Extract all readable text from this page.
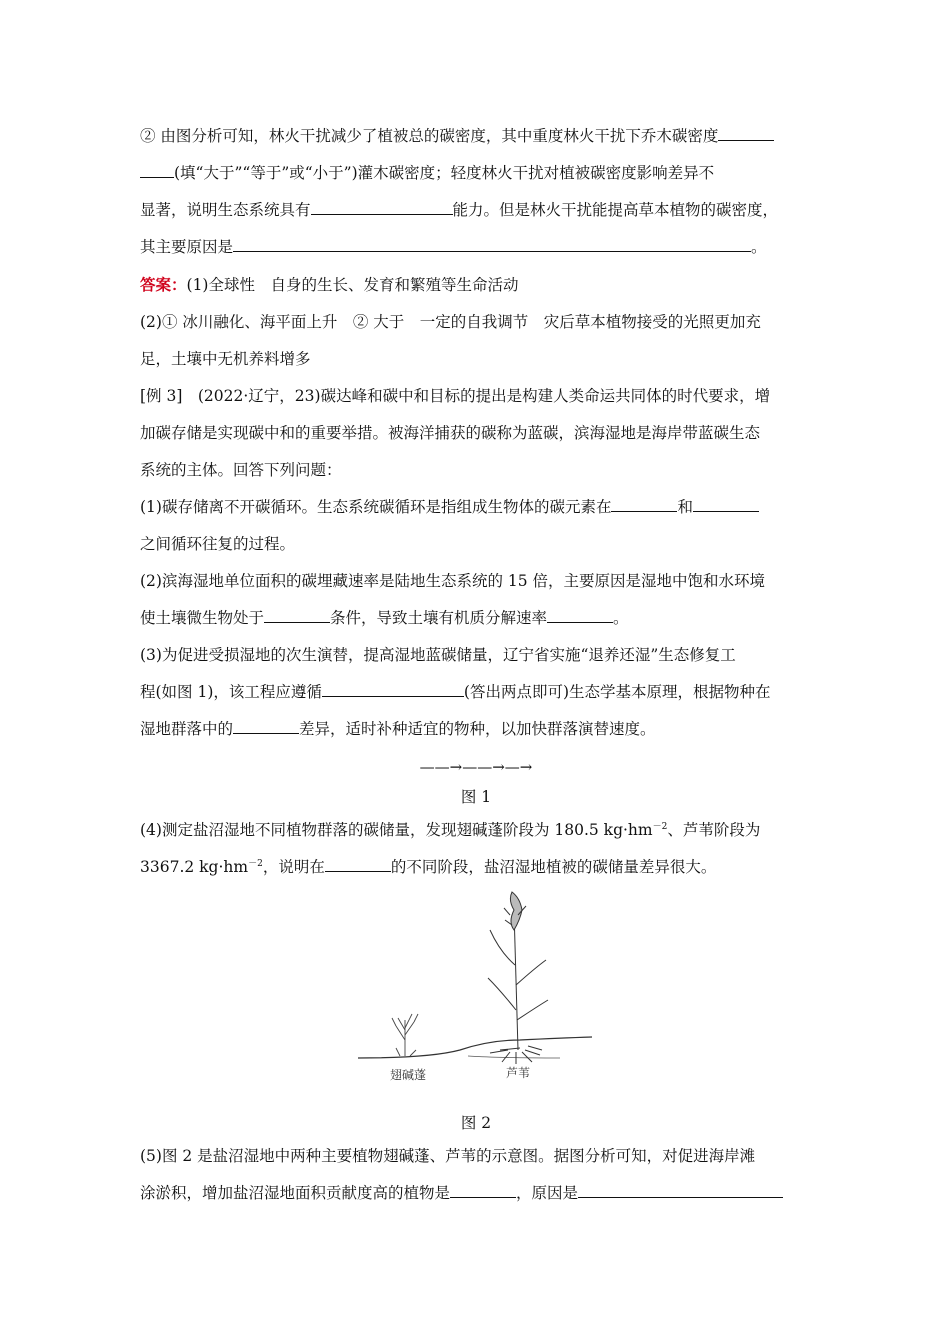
② 由图分析可知，林火干扰减少了植被总的碳密度，其中重度林火干扰下乔木碳密度

(填“大于”“等于”或“小于”)灌木碳密度；轻度林火干扰对植被碳密度影响差异不

显著，说明生态系统具有	能力。但是林火干扰能提高草本植物的碳密度，

其主要原因是	。

答案：(1)全球性　自身的生长、发育和繁殖等生命活动

(2)① 冰川融化、海平面上升　② 大于　一定的自我调节　灾后草本植物接受的光照更加充

足，土壤中无机养料增多

[例 3]　(2022·辽宁，23)碳达峰和碳中和目标的提出是构建人类命运共同体的时代要求，增

加碳存储是实现碳中和的重要举措。被海洋捕获的碳称为蓝碳，滨海湿地是海岸带蓝碳生态

系统的主体。回答下列问题：

(1)碳存储离不开碳循环。生态系统碳循环是指组成生物体的碳元素在	和

之间循环往复的过程。

(2)滨海湿地单位面积的碳埋藏速率是陆地生态系统的 15 倍，主要原因是湿地中饱和水环境

使土壤微生物处于	条件，导致土壤有机质分解速率	。

(3)为促进受损湿地的次生演替，提高湿地蓝碳储量，辽宁省实施“退养还湿”生态修复工

程(如图 1)，该工程应遵循	(答出两点即可)生态学基本原理，根据物种在

湿地群落中的	差异，适时补种适宜的物种，以加快群落演替速度。

——→——→—→
图 1

(4)测定盐沼湿地不同植物群落的碳储量，发现翅碱蓬阶段为 180.5 $kg\cdot hm^{-2}$、芦苇阶段为

3367.2 $kg\cdot hm^{-2}$，说明在	的不同阶段，盐沼湿地植被的碳储量差异很大。

翅碱蓬	芦苇
图 2

(5)图 2 是盐沼湿地中两种主要植物翅碱蓬、芦苇的示意图。据图分析可知，对促进海岸滩

涂淤积，增加盐沼湿地面积贡献度高的植物是	，原因是
